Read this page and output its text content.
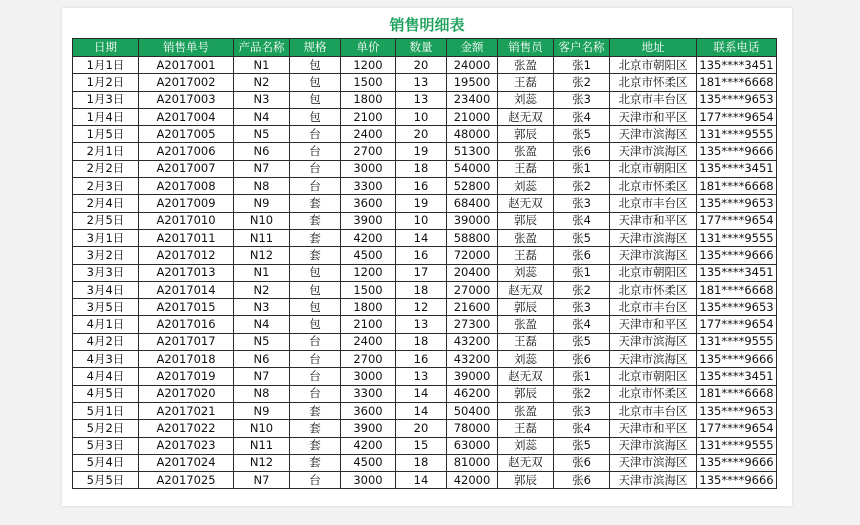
销售明细表
日期	销售单号	产品名称	规格	单价	数量	金额	销售员	客户名称	地址	联系电话
1月1日	A2017001	N1	包	1200	20	24000	张盈	张1	北京市朝阳区	135****3451
1月2日	A2017002	N2	包	1500	13	19500	王磊	张2	北京市怀柔区	181****6668
1月3日	A2017003	N3	包	1800	13	23400	刘蕊	张3	北京市丰台区	135****9653
1月4日	A2017004	N4	包	2100	10	21000	赵无双	张4	天津市和平区	177****9654
1月5日	A2017005	N5	台	2400	20	48000	郭辰	张5	天津市滨海区	131****9555
2月1日	A2017006	N6	台	2700	19	51300	张盈	张6	天津市滨海区	135****9666
2月2日	A2017007	N7	台	3000	18	54000	王磊	张1	北京市朝阳区	135****3451
2月3日	A2017008	N8	台	3300	16	52800	刘蕊	张2	北京市怀柔区	181****6668
2月4日	A2017009	N9	套	3600	19	68400	赵无双	张3	北京市丰台区	135****9653
2月5日	A2017010	N10	套	3900	10	39000	郭辰	张4	天津市和平区	177****9654
3月1日	A2017011	N11	套	4200	14	58800	张盈	张5	天津市滨海区	131****9555
3月2日	A2017012	N12	套	4500	16	72000	王磊	张6	天津市滨海区	135****9666
3月3日	A2017013	N1	包	1200	17	20400	刘蕊	张1	北京市朝阳区	135****3451
3月4日	A2017014	N2	包	1500	18	27000	赵无双	张2	北京市怀柔区	181****6668
3月5日	A2017015	N3	包	1800	12	21600	郭辰	张3	北京市丰台区	135****9653
4月1日	A2017016	N4	包	2100	13	27300	张盈	张4	天津市和平区	177****9654
4月2日	A2017017	N5	台	2400	18	43200	王磊	张5	天津市滨海区	131****9555
4月3日	A2017018	N6	台	2700	16	43200	刘蕊	张6	天津市滨海区	135****9666
4月4日	A2017019	N7	台	3000	13	39000	赵无双	张1	北京市朝阳区	135****3451
4月5日	A2017020	N8	台	3300	14	46200	郭辰	张2	北京市怀柔区	181****6668
5月1日	A2017021	N9	套	3600	14	50400	张盈	张3	北京市丰台区	135****9653
5月2日	A2017022	N10	套	3900	20	78000	王磊	张4	天津市和平区	177****9654
5月3日	A2017023	N11	套	4200	15	63000	刘蕊	张5	天津市滨海区	131****9555
5月4日	A2017024	N12	套	4500	18	81000	赵无双	张6	天津市滨海区	135****9666
5月5日	A2017025	N7	台	3000	14	42000	郭辰	张6	天津市滨海区	135****9666
